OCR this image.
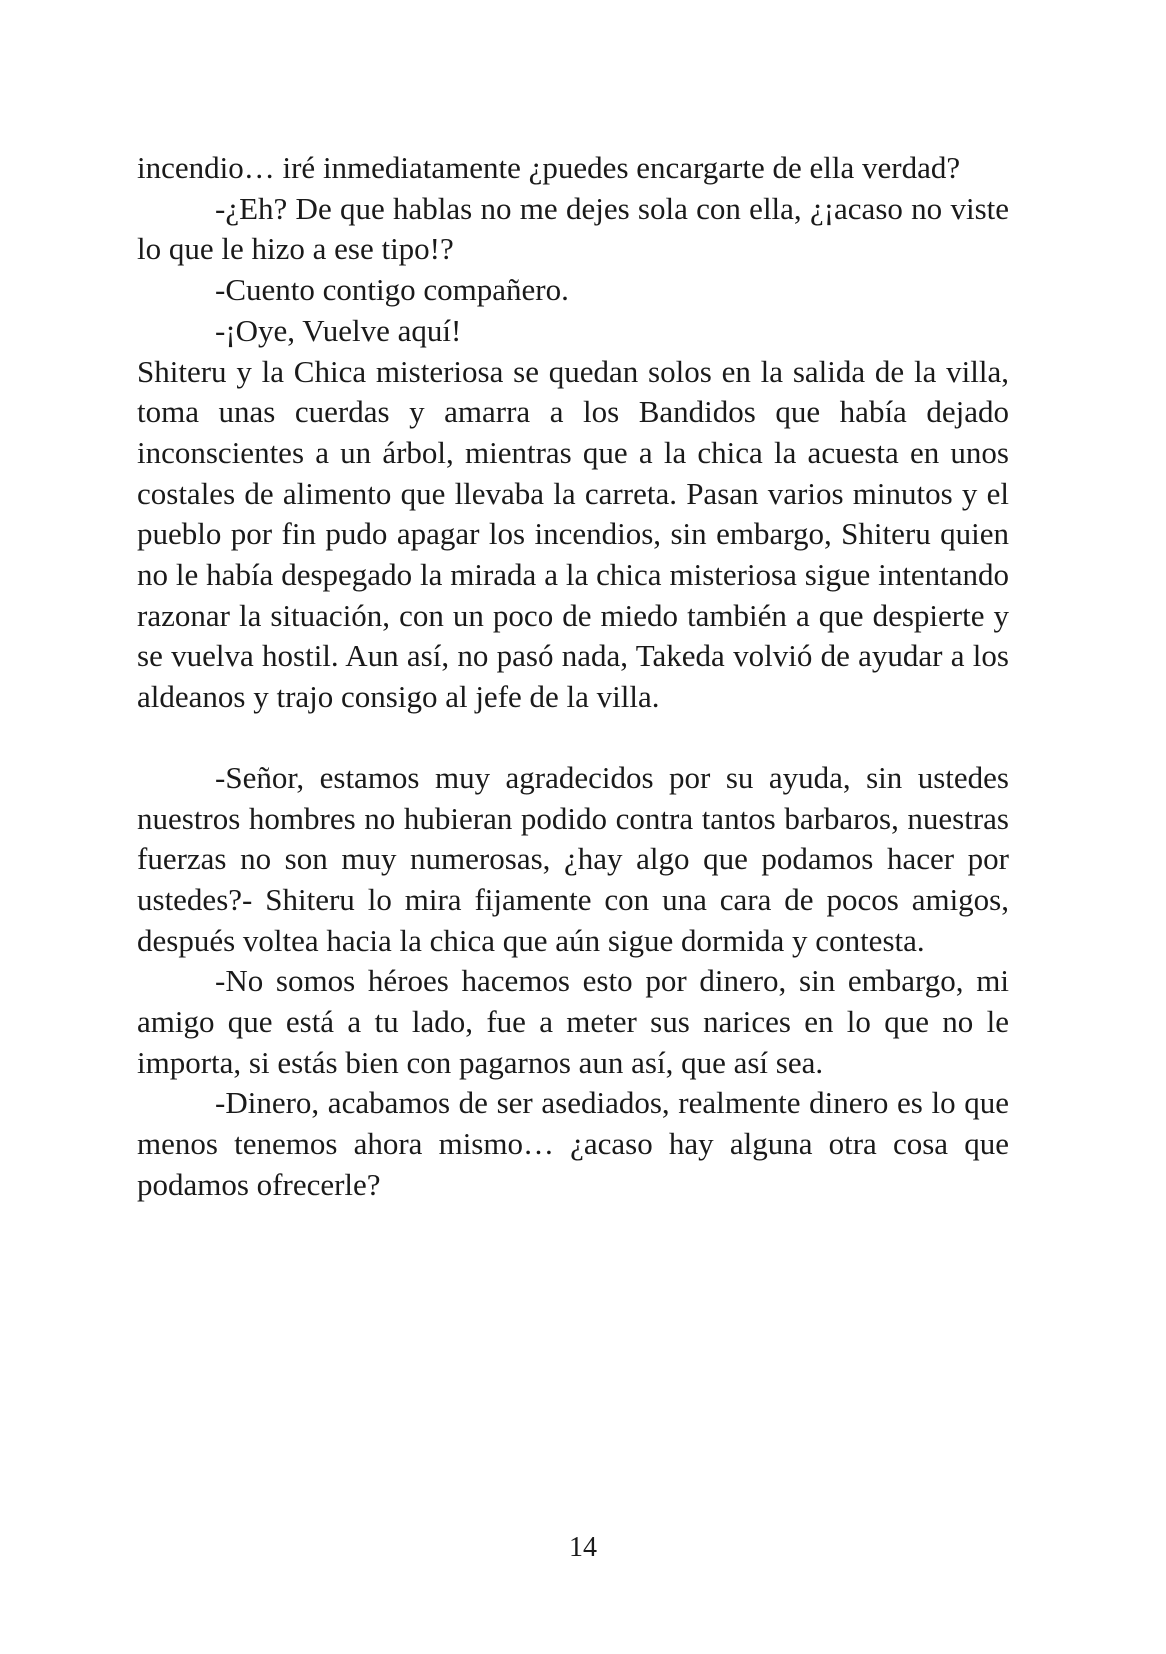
incendio… iré inmediatamente ¿puedes encargarte de ella verdad?

-¿Eh? De que hablas no me dejes sola con ella, ¿¡acaso no viste lo que le hizo a ese tipo!?

-Cuento contigo compañero.

-¡Oye, Vuelve aquí!

Shiteru y la Chica misteriosa se quedan solos en la salida de la villa, toma unas cuerdas y amarra a los Bandidos que había dejado inconscientes a un árbol, mientras que a la chica la acuesta en unos costales de alimento que llevaba la carreta. Pasan varios minutos y el pueblo por fin pudo apagar los incendios, sin embargo, Shiteru quien no le había despegado la mirada a la chica misteriosa sigue intentando razonar la situación, con un poco de miedo también a que despierte y se vuelva hostil. Aun así, no pasó nada, Takeda volvió de ayudar a los aldeanos y trajo consigo al jefe de la villa.

-Señor, estamos muy agradecidos por su ayuda, sin ustedes nuestros hombres no hubieran podido contra tantos barbaros, nuestras fuerzas no son muy numerosas, ¿hay algo que podamos hacer por ustedes?- Shiteru lo mira fijamente con una cara de pocos amigos, después voltea hacia la chica que aún sigue dormida y contesta.

-No somos héroes hacemos esto por dinero, sin embargo, mi amigo que está a tu lado, fue a meter sus narices en lo que no le importa, si estás bien con pagarnos aun así, que así sea.

-Dinero, acabamos de ser asediados, realmente dinero es lo que menos tenemos ahora mismo… ¿acaso hay alguna otra cosa que podamos ofrecerle?

14
